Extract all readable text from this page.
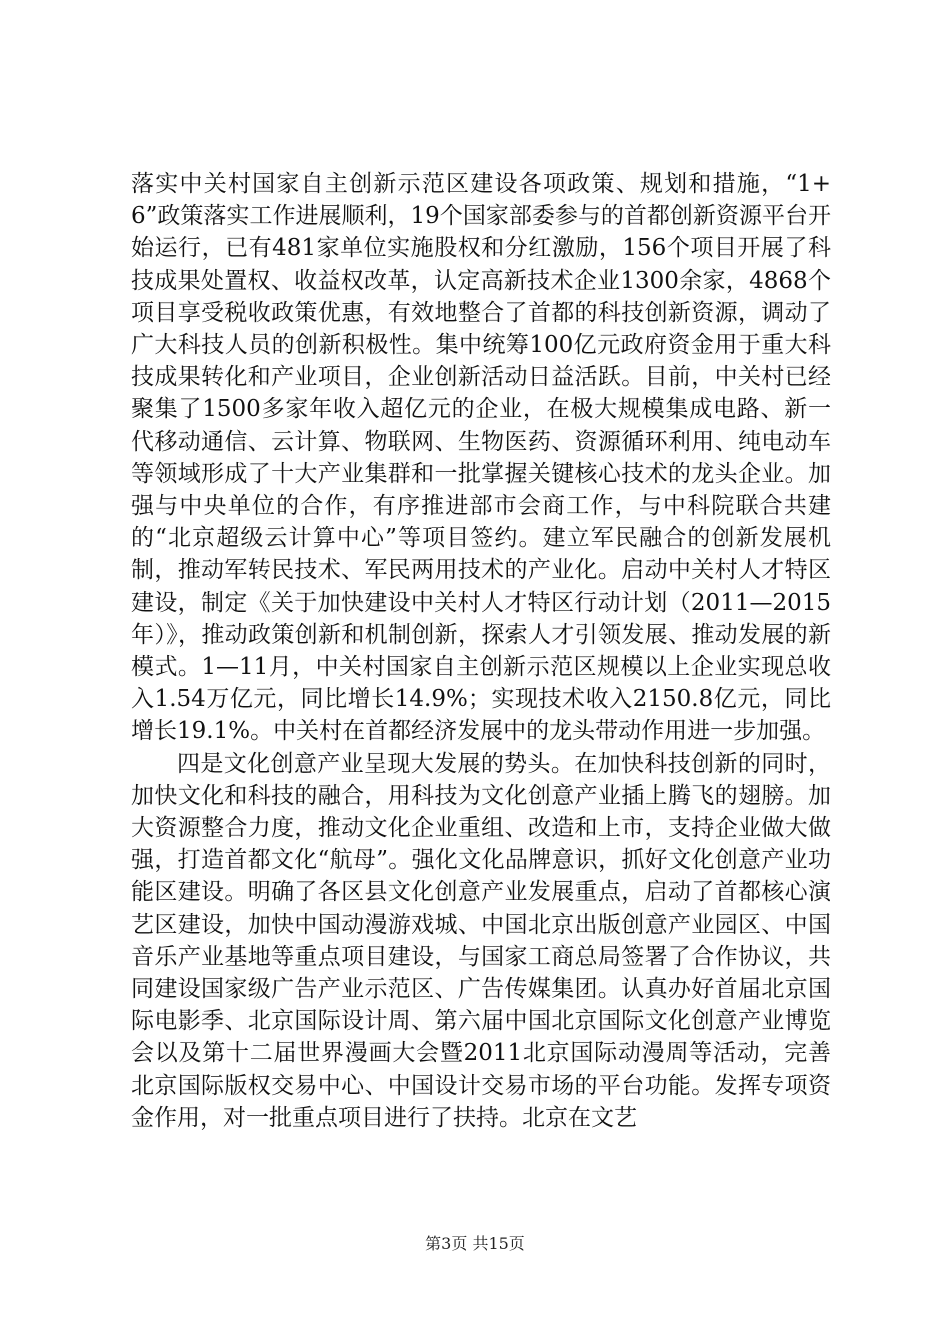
落实中关村国家自主创新示范区建设各项政策、规划和措施，“1+6”政策落实工作进展顺利，19个国家部委参与的首都创新资源平台开始运行，已有481家单位实施股权和分红激励，156个项目开展了科技成果处置权、收益权改革，认定高新技术企业1300余家，4868个项目享受税收政策优惠，有效地整合了首都的科技创新资源，调动了广大科技人员的创新积极性。集中统筹100亿元政府资金用于重大科技成果转化和产业项目，企业创新活动日益活跃。目前，中关村已经聚集了1500多家年收入超亿元的企业，在极大规模集成电路、新一代移动通信、云计算、物联网、生物医药、资源循环利用、纯电动车等领域形成了十大产业集群和一批掌握关键核心技术的龙头企业。加强与中央单位的合作，有序推进部市会商工作，与中科院联合共建的“北京超级云计算中心”等项目签约。建立军民融合的创新发展机制，推动军转民技术、军民两用技术的产业化。启动中关村人才特区建设，制定《关于加快建设中关村人才特区行动计划（2011—2015年）》，推动政策创新和机制创新，探索人才引领发展、推动发展的新模式。1—11月，中关村国家自主创新示范区规模以上企业实现总收入1.54万亿元，同比增长14.9%；实现技术收入2150.8亿元，同比增长19.1%。中关村在首都经济发展中的龙头带动作用进一步加强。

四是文化创意产业呈现大发展的势头。在加快科技创新的同时，加快文化和科技的融合，用科技为文化创意产业插上腾飞的翅膀。加大资源整合力度，推动文化企业重组、改造和上市，支持企业做大做强，打造首都文化“航母”。强化文化品牌意识，抓好文化创意产业功能区建设。明确了各区县文化创意产业发展重点，启动了首都核心演艺区建设，加快中国动漫游戏城、中国北京出版创意产业园区、中国音乐产业基地等重点项目建设，与国家工商总局签署了合作协议，共同建设国家级广告产业示范区、广告传媒集团。认真办好首届北京国际电影季、北京国际设计周、第六届中国北京国际文化创意产业博览会以及第十二届世界漫画大会暨2011北京国际动漫周等活动，完善北京国际版权交易中心、中国设计交易市场的平台功能。发挥专项资金作用，对一批重点项目进行了扶持。北京在文艺

第3页 共15页
